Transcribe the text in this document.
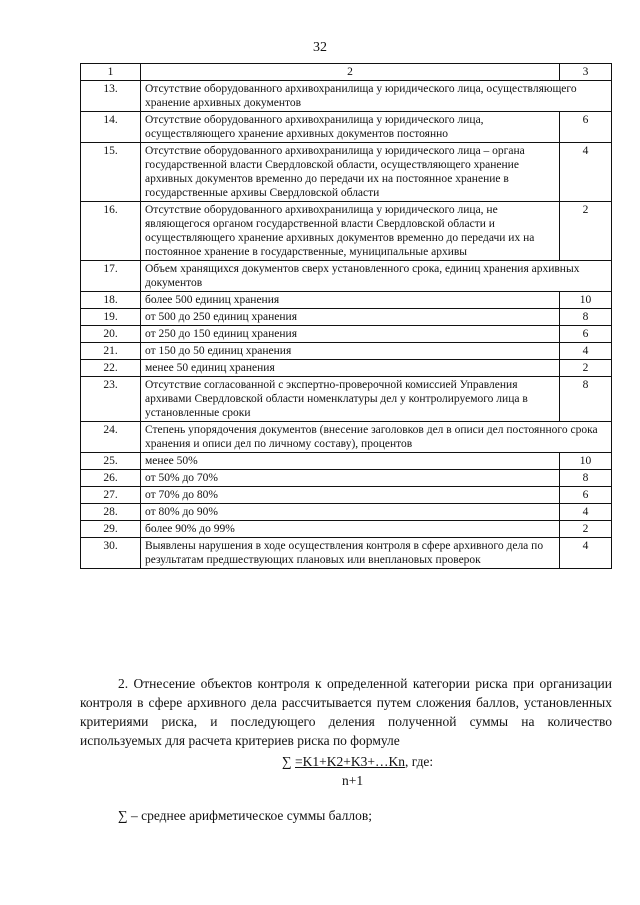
32
1	2	3
13.	Отсутствие оборудованного архивохранилища у юридического лица, осуществляющего хранение архивных документов	
14.	Отсутствие оборудованного архивохранилища у юридического лица, осуществляющего хранение архивных документов постоянно	6
15.	Отсутствие оборудованного архивохранилища у юридического лица – органа государственной власти Свердловской области, осуществляющего хранение архивных документов временно до передачи их на постоянное хранение в государственные архивы Свердловской области	4
16.	Отсутствие оборудованного архивохранилища у юридического лица, не являющегося органом государственной власти Свердловской области и осуществляющего хранение архивных документов временно до передачи их на постоянное хранение в государственные, муниципальные архивы	2
17.	Объем хранящихся документов сверх установленного срока, единиц хранения архивных документов	
18.	более 500 единиц хранения	10
19.	от 500 до 250 единиц хранения	8
20.	от 250 до 150 единиц хранения	6
21.	от 150 до 50 единиц хранения	4
22.	менее 50 единиц хранения	2
23.	Отсутствие согласованной с экспертно-проверочной комиссией Управления архивами Свердловской области номенклатуры дел у контролируемого лица в установленные сроки	8
24.	Степень упорядочения документов (внесение заголовков дел в описи дел постоянного срока хранения и описи дел по личному составу), процентов	
25.	менее 50%	10
26.	от 50% до 70%	8
27.	от 70% до 80%	6
28.	от 80% до 90%	4
29.	более 90% до 99%	2
30.	Выявлены нарушения в ходе осуществления контроля в сфере архивного дела по результатам предшествующих плановых или внеплановых проверок	4
2. Отнесение объектов контроля к определенной категории риска при организации контроля в сфере архивного дела рассчитывается путем сложения баллов, установленных критериями риска, и последующего деления полученной суммы на количество используемых для расчета критериев риска по формуле
∑ =K1+K2+K3+…Kn, где:
n+1
∑ – среднее арифметическое суммы баллов;
